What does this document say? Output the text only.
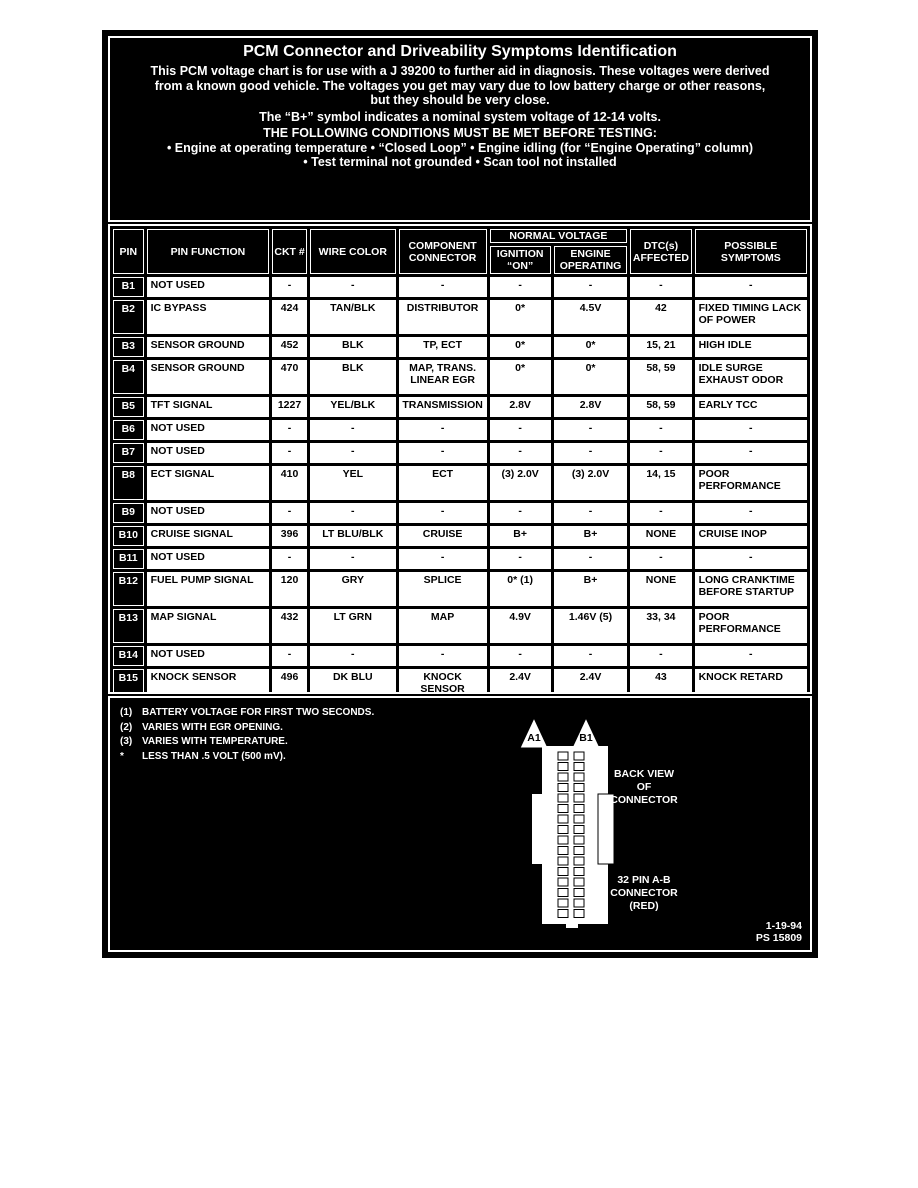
PCM Connector and Driveability Symptoms Identification
This PCM voltage chart is for use with a J 39200 to further aid in diagnosis. These voltages were derived
from a known good vehicle. The voltages you get may vary due to low battery charge or other reasons,
but they should be very close.
The “B+” symbol indicates a nominal system voltage of 12-14 volts.
THE FOLLOWING CONDITIONS MUST BE MET BEFORE TESTING:
• Engine at operating temperature • “Closed Loop” • Engine idling (for “Engine Operating” column)
• Test terminal not grounded • Scan tool not installed
PIN	PIN FUNCTION	CKT #	WIRE COLOR	COMPONENT CONNECTOR	NORMAL VOLTAGE		DTC(s) AFFECTED	POSSIBLE SYMPTOMS
					IGNITION “ON”	ENGINE OPERATING		
B1	NOT USED	-	-	-	-	-	-	-
B2	IC BYPASS	424	TAN/BLK	DISTRIBUTOR	0*	4.5V	42	FIXED TIMING LACK OF POWER
B3	SENSOR GROUND	452	BLK	TP, ECT	0*	0*	15, 21	HIGH IDLE
B4	SENSOR GROUND	470	BLK	MAP, TRANS. LINEAR EGR	0*	0*	58, 59	IDLE SURGE EXHAUST ODOR
B5	TFT SIGNAL	1227	YEL/BLK	TRANSMISSION	2.8V	2.8V	58, 59	EARLY TCC
B6	NOT USED	-	-	-	-	-	-	-
B7	NOT USED	-	-	-	-	-	-	-
B8	ECT SIGNAL	410	YEL	ECT	(3) 2.0V	(3) 2.0V	14, 15	POOR PERFORMANCE
B9	NOT USED	-	-	-	-	-	-	-
B10	CRUISE SIGNAL	396	LT BLU/BLK	CRUISE	B+	B+	NONE	CRUISE INOP
B11	NOT USED	-	-	-	-	-	-	-
B12	FUEL PUMP SIGNAL	120	GRY	SPLICE	0* (1)	B+	NONE	LONG CRANKTIME BEFORE STARTUP
B13	MAP SIGNAL	432	LT GRN	MAP	4.9V	1.46V (5)	33, 34	POOR PERFORMANCE
B14	NOT USED	-	-	-	-	-	-	-
B15	KNOCK SENSOR	496	DK BLU	KNOCK SENSOR	2.4V	2.4V	43	KNOCK RETARD

(1) BATTERY VOLTAGE FOR FIRST TWO SECONDS.
(2) VARIES WITH EGR OPENING.
(3) VARIES WITH TEMPERATURE.
* LESS THAN .5 VOLT (500 mV).
A1	B1
BACK VIEW
OF
CONNECTOR
32 PIN A-B
CONNECTOR
(RED)
1-19-94
PS 15809
